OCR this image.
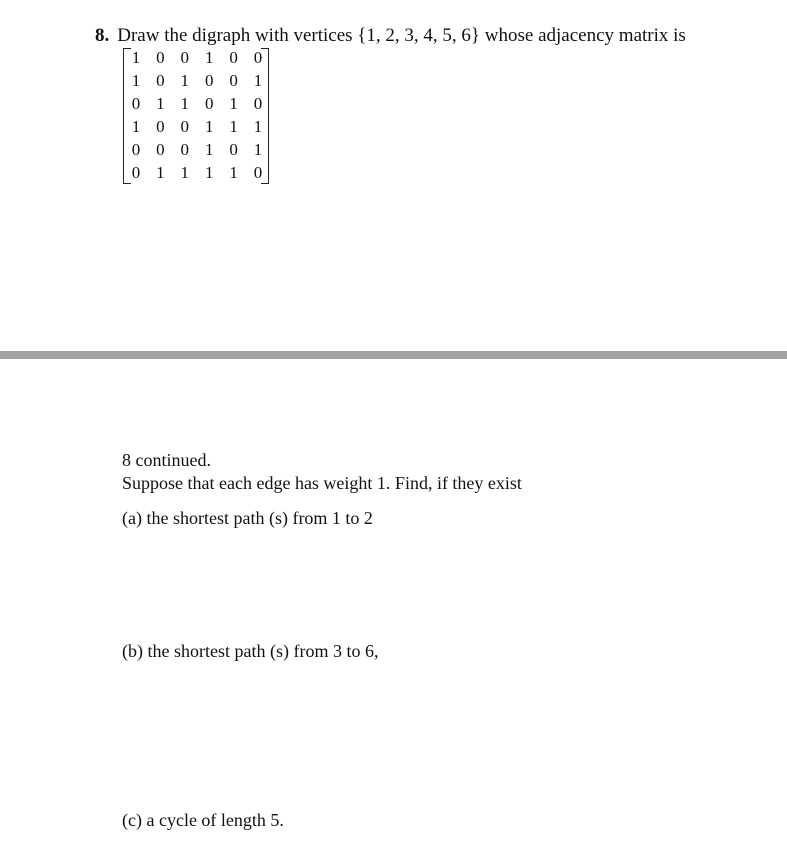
8. Draw the digraph with vertices {1, 2, 3, 4, 5, 6} whose adjacency matrix is
1 0 0 1 0 0
1 0 1 0 0 1
0 1 1 0 1 0
1 0 0 1 1 1
0 0 0 1 0 1
0 1 1 1 1 0
8 continued.
Suppose that each edge has weight 1. Find, if they exist
(a) the shortest path (s) from 1 to 2
(b) the shortest path (s) from 3 to 6,
(c) a cycle of length 5.
